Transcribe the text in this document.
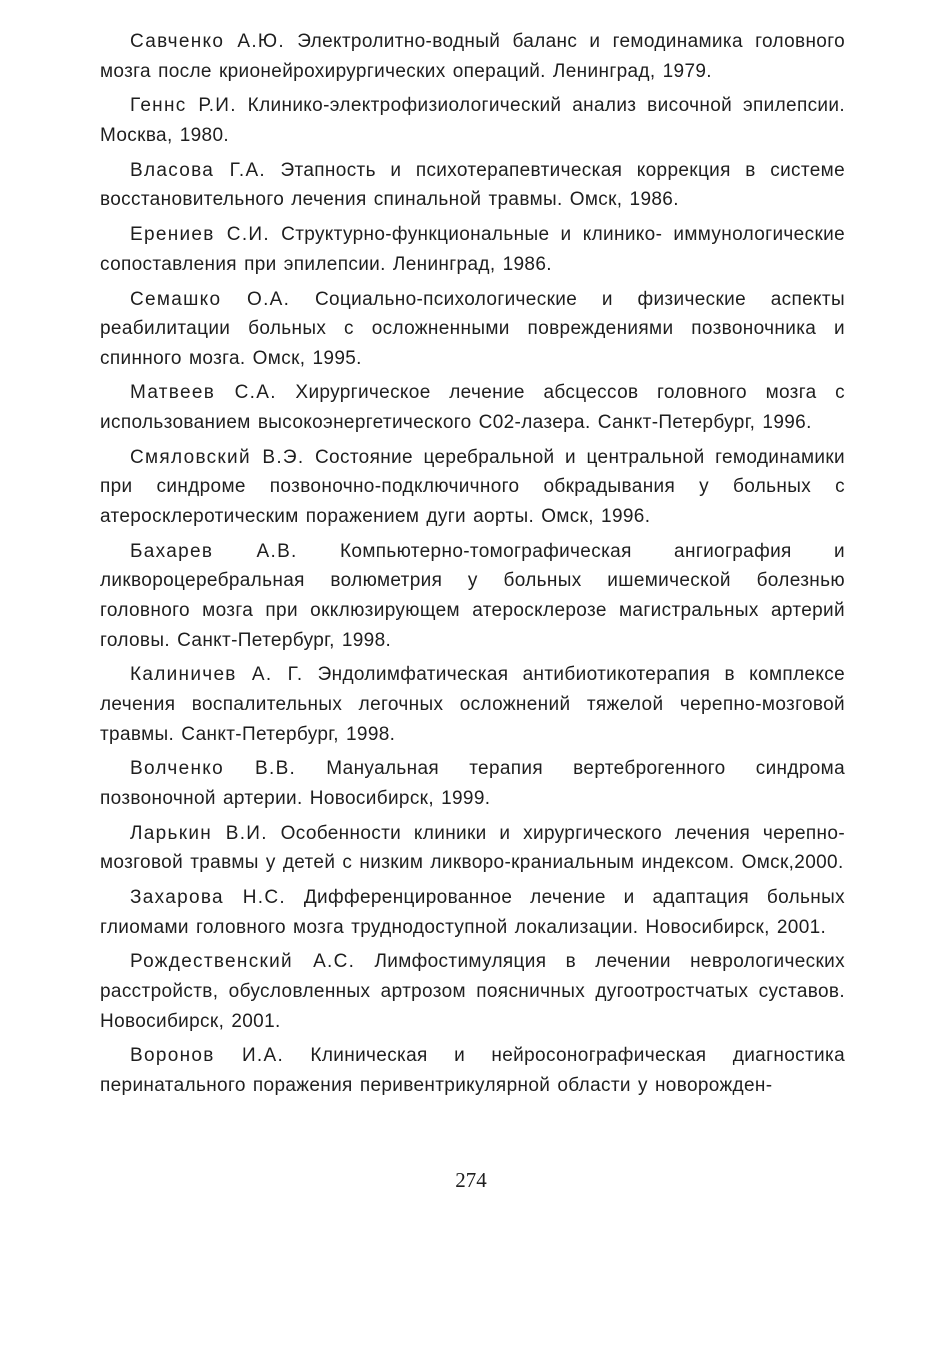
Савченко А.Ю. Электролитно-водный баланс и гемодинамика головного мозга после крионейрохирургических операций. Ленинград, 1979.

Геннс Р.И. Клинико-электрофизиологический анализ височной эпилепсии. Москва, 1980.

Власова Г.А. Этапность и психотерапевтическая коррекция в системе восстановительного лечения спинальной травмы. Омск, 1986.

Ерениев С.И. Структурно-функциональные и клинико- иммунологические сопоставления при эпилепсии. Ленинград, 1986.

Семашко О.А. Социально-психологические и физические аспекты реабилитации больных с осложненными повреждениями позвоночника и спинного мозга. Омск, 1995.

Матвеев С.А. Хирургическое лечение абсцессов головного мозга с использованием высокоэнергетического С02-лазера. Санкт-Петербург, 1996.

Смяловский В.Э. Состояние церебральной и центральной гемодинамики при синдроме позвоночно-подключичного обкрадывания у больных с атеросклеротическим поражением дуги аорты. Омск, 1996.

Бахарев А.В. Компьютерно-томографическая ангиография и ликвороцеребральная волюметрия у больных ишемической болезнью головного мозга при окклюзирующем атеросклерозе магистральных артерий головы. Санкт-Петербург, 1998.

Калиничев А. Г. Эндолимфатическая антибиотикотерапия в комплексе лечения воспалительных легочных осложнений тяжелой черепно-мозговой травмы. Санкт-Петербург, 1998.

Волченко В.В. Мануальная терапия вертеброгенного синдрома позвоночной артерии. Новосибирск, 1999.

Ларькин В.И. Особенности клиники и хирургического лечения черепно-мозговой травмы у детей с низким ликворо-краниальным индексом. Омск,2000.

Захарова Н.С. Дифференцированное лечение и адаптация больных глиомами головного мозга труднодоступной локализации. Новосибирск, 2001.

Рождественский А.С. Лимфостимуляция в лечении неврологических расстройств, обусловленных артрозом поясничных дугоотростчатых суставов. Новосибирск, 2001.

Воронов И.А. Клиническая и нейросонографическая диагностика перинатального поражения перивентрикулярной области у новорожден-

274
